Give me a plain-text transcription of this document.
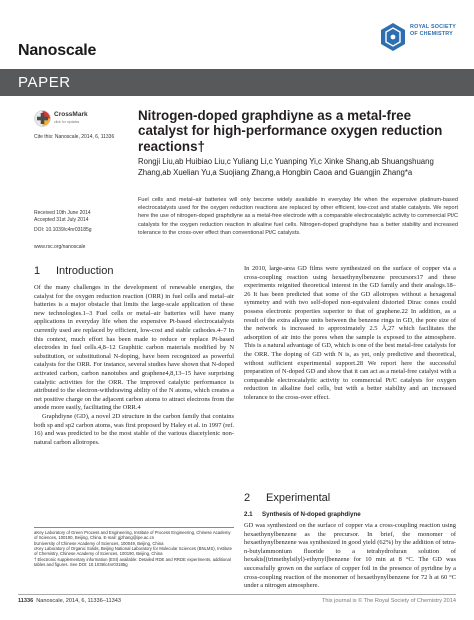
Nanoscale
ROYAL SOCIETY
OF CHEMISTRY
PAPER
CrossMark
click for updates
Cite this: Nanoscale, 2014, 6, 11336
Nitrogen-doped graphdiyne as a metal-free catalyst for high-performance oxygen reduction reactions†
Rongji Liu,ab Huibiao Liu,c Yuliang Li,c Yuanping Yi,c Xinke Shang,ab Shuangshuang Zhang,ab Xuelian Yu,a Suojiang Zhang,a Hongbin Caoa and Guangjin Zhang*a
Received 10th June 2014
Accepted 31st July 2014
DOI: 10.1039/c4nr03185g
www.rsc.org/nanoscale
Fuel cells and metal–air batteries will only become widely available in everyday life when the expensive platinum-based electrocatalysts used for the oxygen reduction reactions are replaced by other efficient, low-cost and stable catalysts. We report here the use of nitrogen-doped graphdiyne as a metal-free electrode with a comparable electrocatalytic activity to commercial Pt/C catalysts for the oxygen reduction reaction in alkaline fuel cells. Nitrogen-doped graphdiyne has a better stability and increased tolerance to the cross-over effect than conventional Pt/C catalysts.
1 Introduction

Of the many challenges in the development of renewable energies, the catalyst for the oxygen reduction reaction (ORR) in fuel cells and metal–air batteries is a major obstacle that limits the large-scale application of these new technologies.1–3 Fuel cells or metal–air batteries will have many applications in everyday life when the expensive Pt-based electrocatalysts currently used are replaced by efficient, low-cost and stable cathodes.4–7 In this context, much effort has been made to reduce or replace Pt-based electrodes in fuel cells.4,8–12 Graphitic carbon materials modified by N substitution, or substitutional N-doping, have been recognized as powerful catalysts for the ORR. For instance, several studies have shown that N-doped activated carbon, carbon nanotubes and graphene4,8,13–15 have surprising catalytic activities for the ORR. The improved catalytic performance is attributed to the electron-withdrawing ability of the N atoms, which creates a net positive charge on the adjacent carbon atoms to attract electrons from the anode more easily, facilitating the ORR.4

Graphdiyne (GD), a novel 2D structure in the carbon family that contains both sp and sp2 carbon atoms, was first proposed by Haley et al. in 1997 (ref. 16) and was predicted to be the most stable of the various diacetylenic non-natural carbon allotropes.

In 2010, large-area GD films were synthesized on the surface of copper via a cross-coupling reaction using hexaethynylbenzene precursors17 and these experiments reignited theoretical interest in the GD family and their analogs.18–26 It has been predicted that some of the GD allotropes without a hexagonal symmetry and with two self-doped non-equivalent distorted Dirac cones could possess electronic properties superior to that of graphene.22 In addition, as a result of the extra alkyne units between the benzene rings in GD, the pore size of the network is increased to approximately 2.5 Å,27 which facilitates the adsorption of air into the pores when the sample is exposed to the atmosphere. This is a natural advantage of GD, which is one of the best metal-free catalysts for the ORR. The doping of GD with N is, as yet, only predictive and theoretical, without sufficient experimental support.28 We report here the successful preparation of N-doped GD and show that it can act as a metal-free catalyst with a comparable electrocatalytic activity to commercial Pt/C catalysts for oxygen reduction in alkaline fuel cells, but with a better stability and an increased tolerance to the cross-over effect.

2 Experimental
2.1 Synthesis of N-doped graphdiyne

GD was synthesized on the surface of copper via a cross-coupling reaction using hexaethynylbenzene as the precursor. In brief, the monomer of hexaethynylbenzene was synthesized in good yield (62%) by the addition of tetra-n-butylammonium fluoride to a tetrahydrofuran solution of hexakis[(trimethylsilyl)-ethynyl]benzene for 10 min at 8 °C. The GD was successfully grown on the surface of copper foil in the presence of pyridine by a cross-coupling reaction of the monomer of hexaethynylbenzene for 72 h at 60 °C under a nitrogen atmosphere.

aKey Laboratory of Green Process and Engineering, Institute of Process Engineering, Chinese Academy of Sciences, 100190, Beijing, China. E-mail: gjzhang@ipe.ac.cn
bUniversity of Chinese Academy of Sciences, 100049, Beijing, China
cKey Laboratory of Organic Solids, Beijing National Laboratory for Molecular Sciences (BNLMS), Institute of Chemistry, Chinese Academy of Sciences, 100190, Beijing, China
† Electronic supplementary information (ESI) available: Detailed RDE and RRDE experiments, additional tables and figures. See DOI: 10.1039/c4nr03185g
11336 Nanoscale, 2014, 6, 11336–11343	This journal is © The Royal Society of Chemistry 2014
